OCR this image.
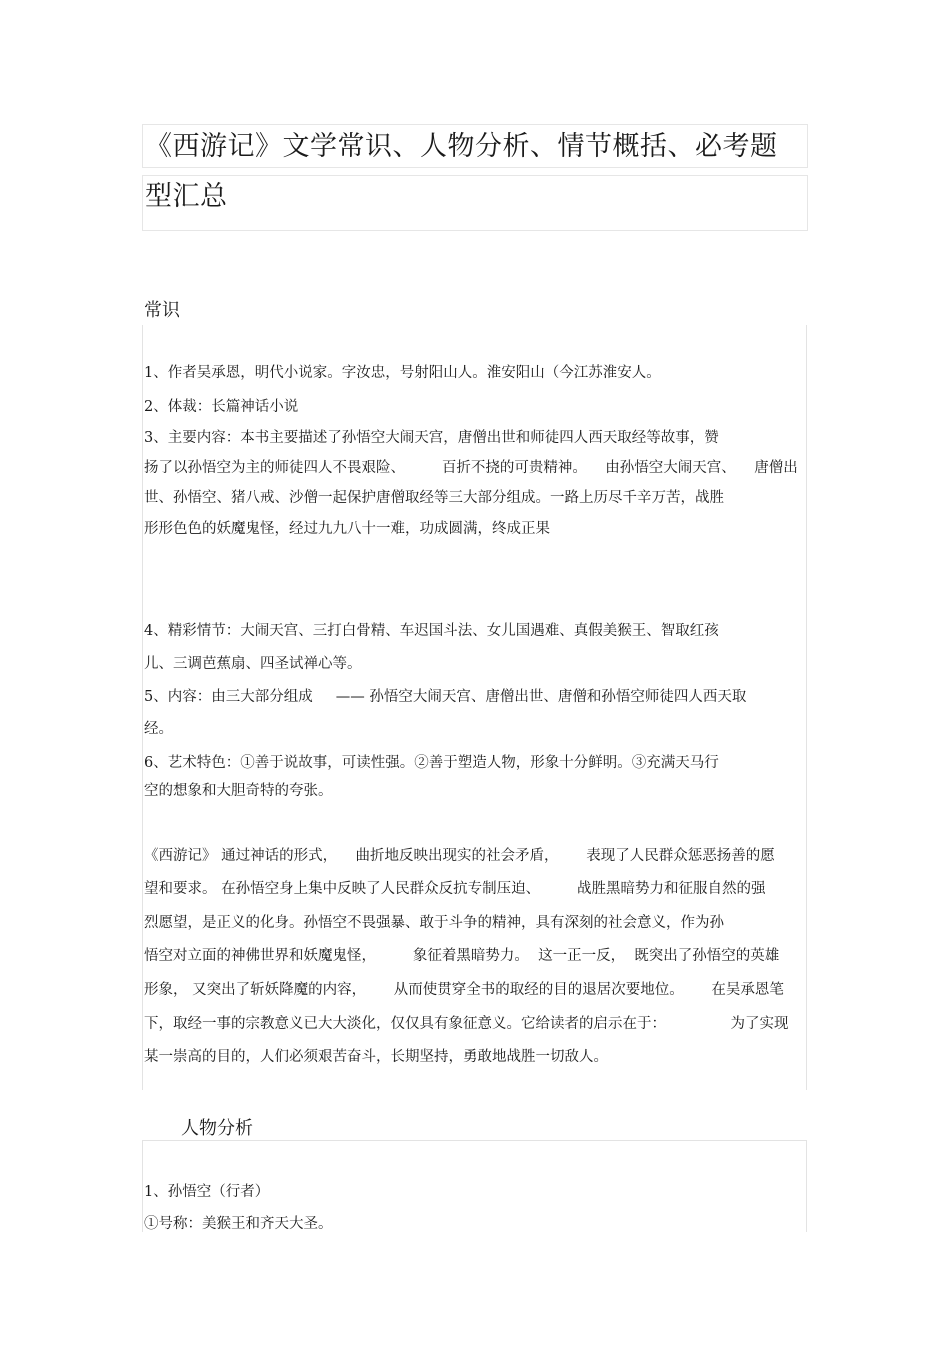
《西游记》文学常识、人物分析、情节概括、必考题
型汇总
常识
1、作者吴承恩，明代小说家。字汝忠，号射阳山人。淮安阳山（今江苏淮安人。
2、体裁：长篇神话小说
3、主要内容：本书主要描述了孙悟空大闹天宫，唐僧出世和师徒四人西天取经等故事，赞
扬了以孙悟空为主的师徒四人不畏艰险、        百折不挠的可贵精神。    由孙悟空大闹天宫、    唐僧出
世、孙悟空、猪八戒、沙僧一起保护唐僧取经等三大部分组成。一路上历尽千辛万苦，战胜
形形色色的妖魔鬼怪，经过九九八十一难，功成圆满，终成正果
4、精彩情节：大闹天宫、三打白骨精、车迟国斗法、女儿国遇难、真假美猴王、智取红孩
儿、三调芭蕉扇、四圣试禅心等。
5、内容：由三大部分组成     —— 孙悟空大闹天宫、唐僧出世、唐僧和孙悟空师徒四人西天取
经。
6、艺术特色：①善于说故事，可读性强。②善于塑造人物，形象十分鲜明。③充满天马行
空的想象和大胆奇特的夸张。
《西游记》 通过神话的形式，    曲折地反映出现实的社会矛盾，      表现了人民群众惩恶扬善的愿
望和要求。 在孙悟空身上集中反映了人民群众反抗专制压迫、        战胜黑暗势力和征服自然的强
烈愿望，是正义的化身。孙悟空不畏强暴、敢于斗争的精神，具有深刻的社会意义，作为孙
悟空对立面的神佛世界和妖魔鬼怪，        象征着黑暗势力。  这一正一反，  既突出了孙悟空的英雄
形象， 又突出了斩妖降魔的内容，      从而使贯穿全书的取经的目的退居次要地位。      在吴承恩笔
下，取经一事的宗教意义已大大淡化，仅仅具有象征意义。它给读者的启示在于：              为了实现
某一崇高的目的，人们必须艰苦奋斗，长期坚持，勇敢地战胜一切敌人。
人物分析
1、孙悟空（行者）
①号称：美猴王和齐天大圣。
